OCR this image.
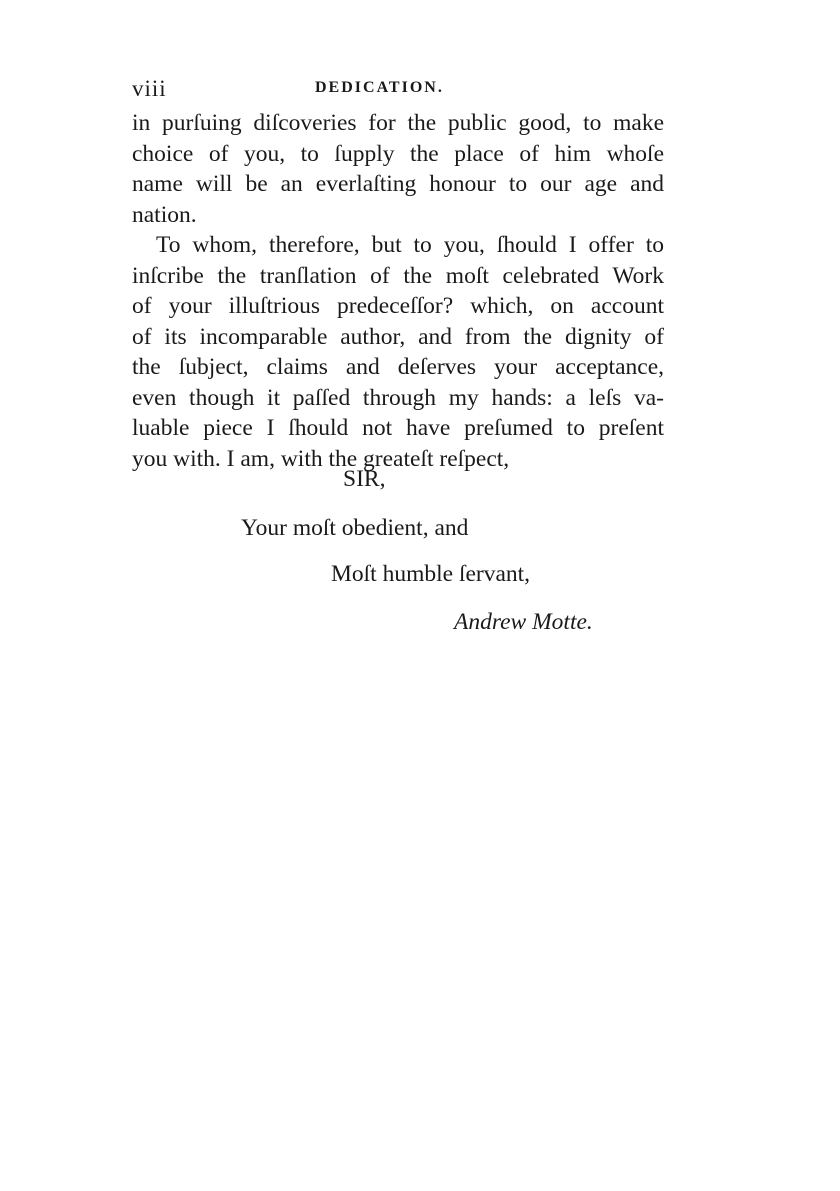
viii	DEDICATION.
in purſuing diſcoveries for the public good, to make
choice of you, to ſupply the place of him whoſe
name will be an everlaſting honour to our age and
nation.
To whom, therefore, but to you, ſhould I offer to
inſcribe the tranſlation of the moſt celebrated Work
of your illuſtrious predeceſſor? which, on account
of its incomparable author, and from the dignity of
the ſubject, claims and deſerves your acceptance,
even though it paſſed through my hands: a leſs va-
luable piece I ſhould not have preſumed to preſent
you with. I am, with the greateſt reſpect,
SIR,
Your moſt obedient, and
Moſt humble ſervant,
Andrew Motte.
